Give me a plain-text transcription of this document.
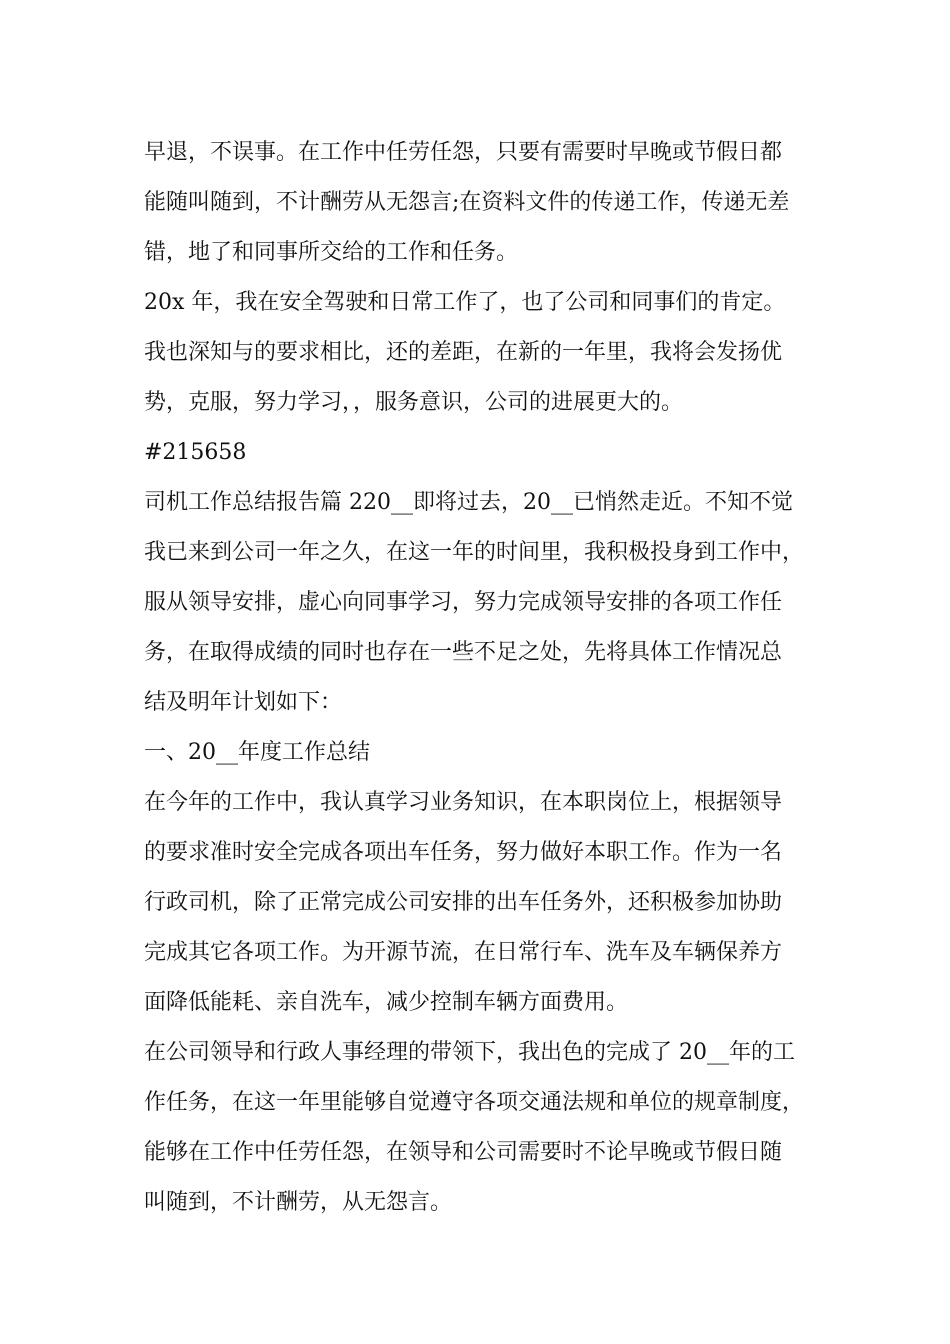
早退，不误事。在工作中任劳任怨，只要有需要时早晚或节假日都

能随叫随到，不计酬劳从无怨言;在资料文件的传递工作，传递无差

错，地了和同事所交给的工作和任务。

20x 年，我在安全驾驶和日常工作了，也了公司和同事们的肯定。

我也深知与的要求相比，还的差距，在新的一年里，我将会发扬优

势，克服，努力学习，，服务意识，公司的进展更大的。

#215658

司机工作总结报告篇 220__即将过去，20__已悄然走近。不知不觉

我已来到公司一年之久，在这一年的时间里，我积极投身到工作中，

服从领导安排，虚心向同事学习，努力完成领导安排的各项工作任

务，在取得成绩的同时也存在一些不足之处，先将具体工作情况总

结及明年计划如下：

一、20__年度工作总结

在今年的工作中，我认真学习业务知识，在本职岗位上，根据领导

的要求准时安全完成各项出车任务，努力做好本职工作。作为一名

行政司机，除了正常完成公司安排的出车任务外，还积极参加协助

完成其它各项工作。为开源节流，在日常行车、洗车及车辆保养方

面降低能耗、亲自洗车，减少控制车辆方面费用。

在公司领导和行政人事经理的带领下，我出色的完成了 20__年的工

作任务，在这一年里能够自觉遵守各项交通法规和单位的规章制度，

能够在工作中任劳任怨，在领导和公司需要时不论早晚或节假日随

叫随到，不计酬劳，从无怨言。
